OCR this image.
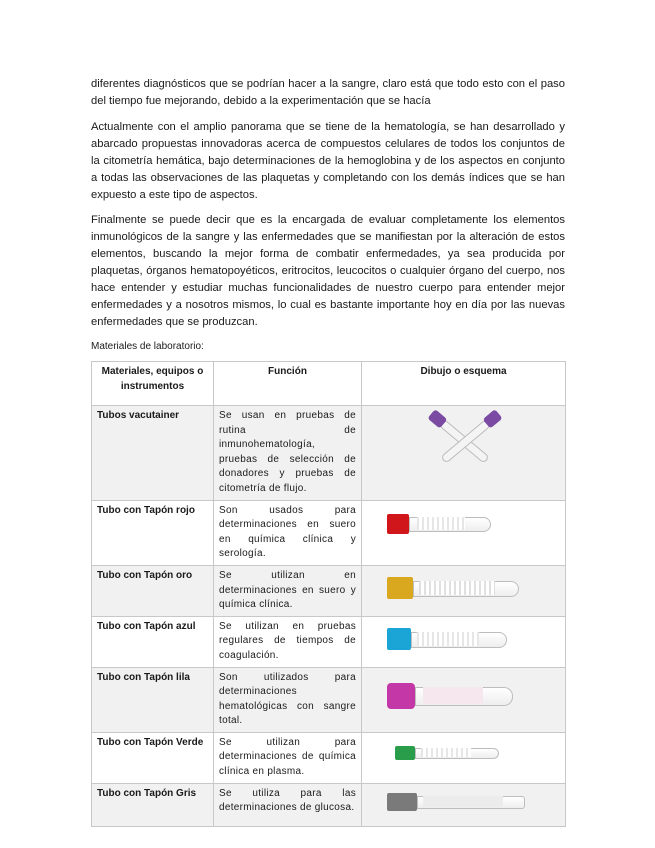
diferentes diagnósticos que se podrían hacer a la sangre, claro está que todo esto con el paso del tiempo fue mejorando, debido a la experimentación que se hacía

Actualmente con el amplio panorama que se tiene de la hematología, se han desarrollado y abarcado propuestas innovadoras acerca de compuestos celulares de todos los conjuntos de la citometría hemática, bajo determinaciones de la hemoglobina y de los aspectos en conjunto a todas las observaciones de las plaquetas y completando con los demás índices que se han expuesto a este tipo de aspectos.

Finalmente se puede decir que es la encargada de evaluar completamente los elementos inmunológicos de la sangre y las enfermedades que se manifiestan por la alteración de estos elementos, buscando la mejor forma de combatir enfermedades, ya sea producida por plaquetas, órganos hematopoyéticos, eritrocitos, leucocitos o cualquier órgano del cuerpo, nos hace entender y estudiar muchas funcionalidades de nuestro cuerpo para entender mejor enfermedades y a nosotros mismos, lo cual es bastante importante hoy en día por las nuevas enfermedades que se produzcan.

Materiales de laboratorio:

Materiales, equipos o instrumentos	Función	Dibujo o esquema
Tubos vacutainer	Se usan en pruebas de rutina de inmunohematología, pruebas de selección de donadores y pruebas de citometría de flujo.	
Tubo con Tapón rojo	Son usados para determinaciones en suero en química clínica y serología.	

Tubo con Tapón oro	Se utilizan en determinaciones en suero y química clínica.	

Tubo con Tapón azul	Se utilizan en pruebas regulares de tiempos de coagulación.	

Tubo con Tapón lila	Son utilizados para determinaciones hematológicas con sangre total.	

Tubo con Tapón Verde	Se utilizan para determinaciones de química clínica en plasma.	

Tubo con Tapón Gris	Se utiliza para las determinaciones de glucosa.	
